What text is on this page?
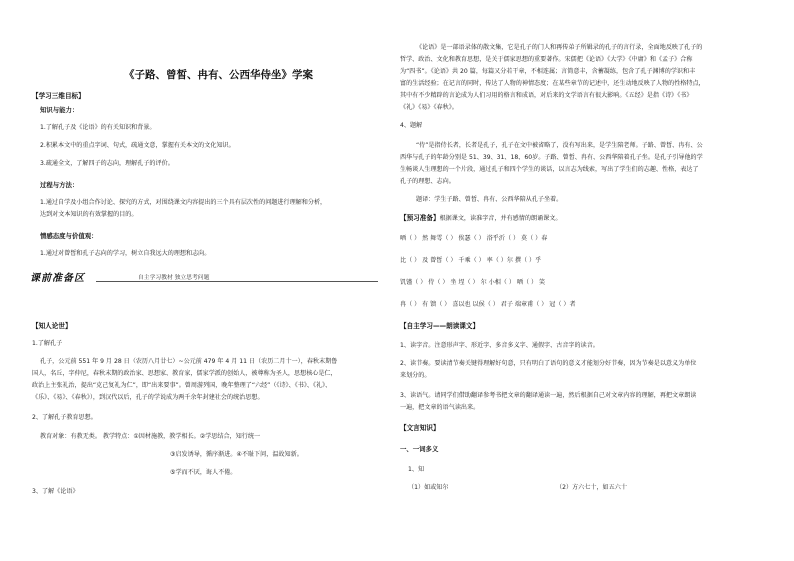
《子路、曾皙、冉有、公西华侍坐》学案
【学习三维目标】
知识与能力：
1.了解孔子及《论语》的有关知识和背景。
2.积累本文中的重点字词、句式，疏通文意，掌握有关本文的文化知识。
3.疏通全文，了解四子的志向，理解孔子的评价。
过程与方法：
1.通过自学及小组合作讨论、探究的方式，对围绕课文内容提出的三个具有层次性的问题进行理解和分析，
达到对文本知识的有效掌握的目的。
情感态度与价值观：
1.通过对曾皙和孔子志向的学习，树立自我远大的理想和志向。
课前准备区	自主学习教材 独立思考问题
【知人论世】
1.了解孔子
孔子，公元前 551 年 9 月 28 日（农历八月廿七）~公元前 479 年 4 月 11 日（农历二月十一），春秋末期鲁
国人，名丘，字仲尼，春秋末期的政治家、思想家、教育家，儒家学派的创始人，被尊称为圣人，思想核心是仁，
政治上主张礼治，提出“克己复礼为仁”，即“出来要事”。曾周游列国，晚年整理了“六经”（《诗》、《书》、《礼》、
《乐》、《易》、《春秋》），到汉代以后，孔子的学说成为两千余年封建社会的统治思想。
2、了解孔子教育思想。
教育对象：有教无类。 教学特点：①因材施教，教学相长。②学思结合，知行统一
③启发诱导，循序渐进。④不耻下问，温故知新。
⑤学而不厌，诲人不倦。
3、了解《论语》
《论语》是一部语录体的散文集，它是孔子的门人和再传弟子所辑录的孔子的言行录，全面地反映了孔子的
哲学、政治、文化和教育思想，是关于儒家思想的重要著作。宋儒把《论语》《大学》《中庸》和《孟子》合称
为“四书”。《论语》共 20 篇，每篇又分若干章，不相连属；言简意丰，含蓄凝练，包含了孔子渊博的学识和丰
富的生活经验；在记言的同时，传达了人物的神情态度；在某些章节的记述中，还生动地反映了人物的性格特点，
其中有不少精辟的言论成为人们习用的格言和成语，对后来的文学语言有很大影响。《五经》是指《诗》《书》
《礼》《易》《春秋》。
4、题解
“侍”是指侍长者，长者是孔子，孔子在文中被省略了，没有写出来，是学生陪老师。子路、曾皙、冉有、公
西华与孔子的年龄分别是 51、39、31、18、60岁。子路、曾皙、冉有、公西华陪着孔子坐。是孔子引导他的学
生畅谈人生理想的一个片段，通过孔子和四个学生的谈话，以言志为线索，写出了学生们的志趣、性格，表达了
孔子的理想、志向。
题译：学生子路、曾皙、冉有、公西华陪从孔子坐着。
【预习准备】根据课文，读准字音，并有感情的朗诵课文。
哂（ ） 然 舞雩（ ） 俟瑟（ ） 浴乎沂（ ） 莫（ ）春
比（ ） 及 曾皙（ ） 千乘（ ） 率（ ）尔 撰（ ）乎
饥馑（ ） 侍（ ） 坐 埕（ ） 尔 小相（ ） 哂（ ） 笑
冉（ ） 有 馈（ ） 喜以也 以侯（ ） 君子 端章甫（ ） 冠（ ）者
【自主学习——朗读课文】
1、读字音。注意形声字、形近字、多音多义字、通假字、古音字的读音。
2、读节奏。要读清节奏关键得理解好句意，只有明白了语句的意义才能划分好节奏，因为节奏是以意义为单位
来划分的。
3、读语气。请同学们借助翻译参考书把文章的翻译通读一遍，然后根据自己对文章内容的理解，再把文章朗读
一遍，把文章的语气读出来。
【文言知识】
一、一词多义
1、知
（1）如或知尔	（2）方六七十，如五六十
